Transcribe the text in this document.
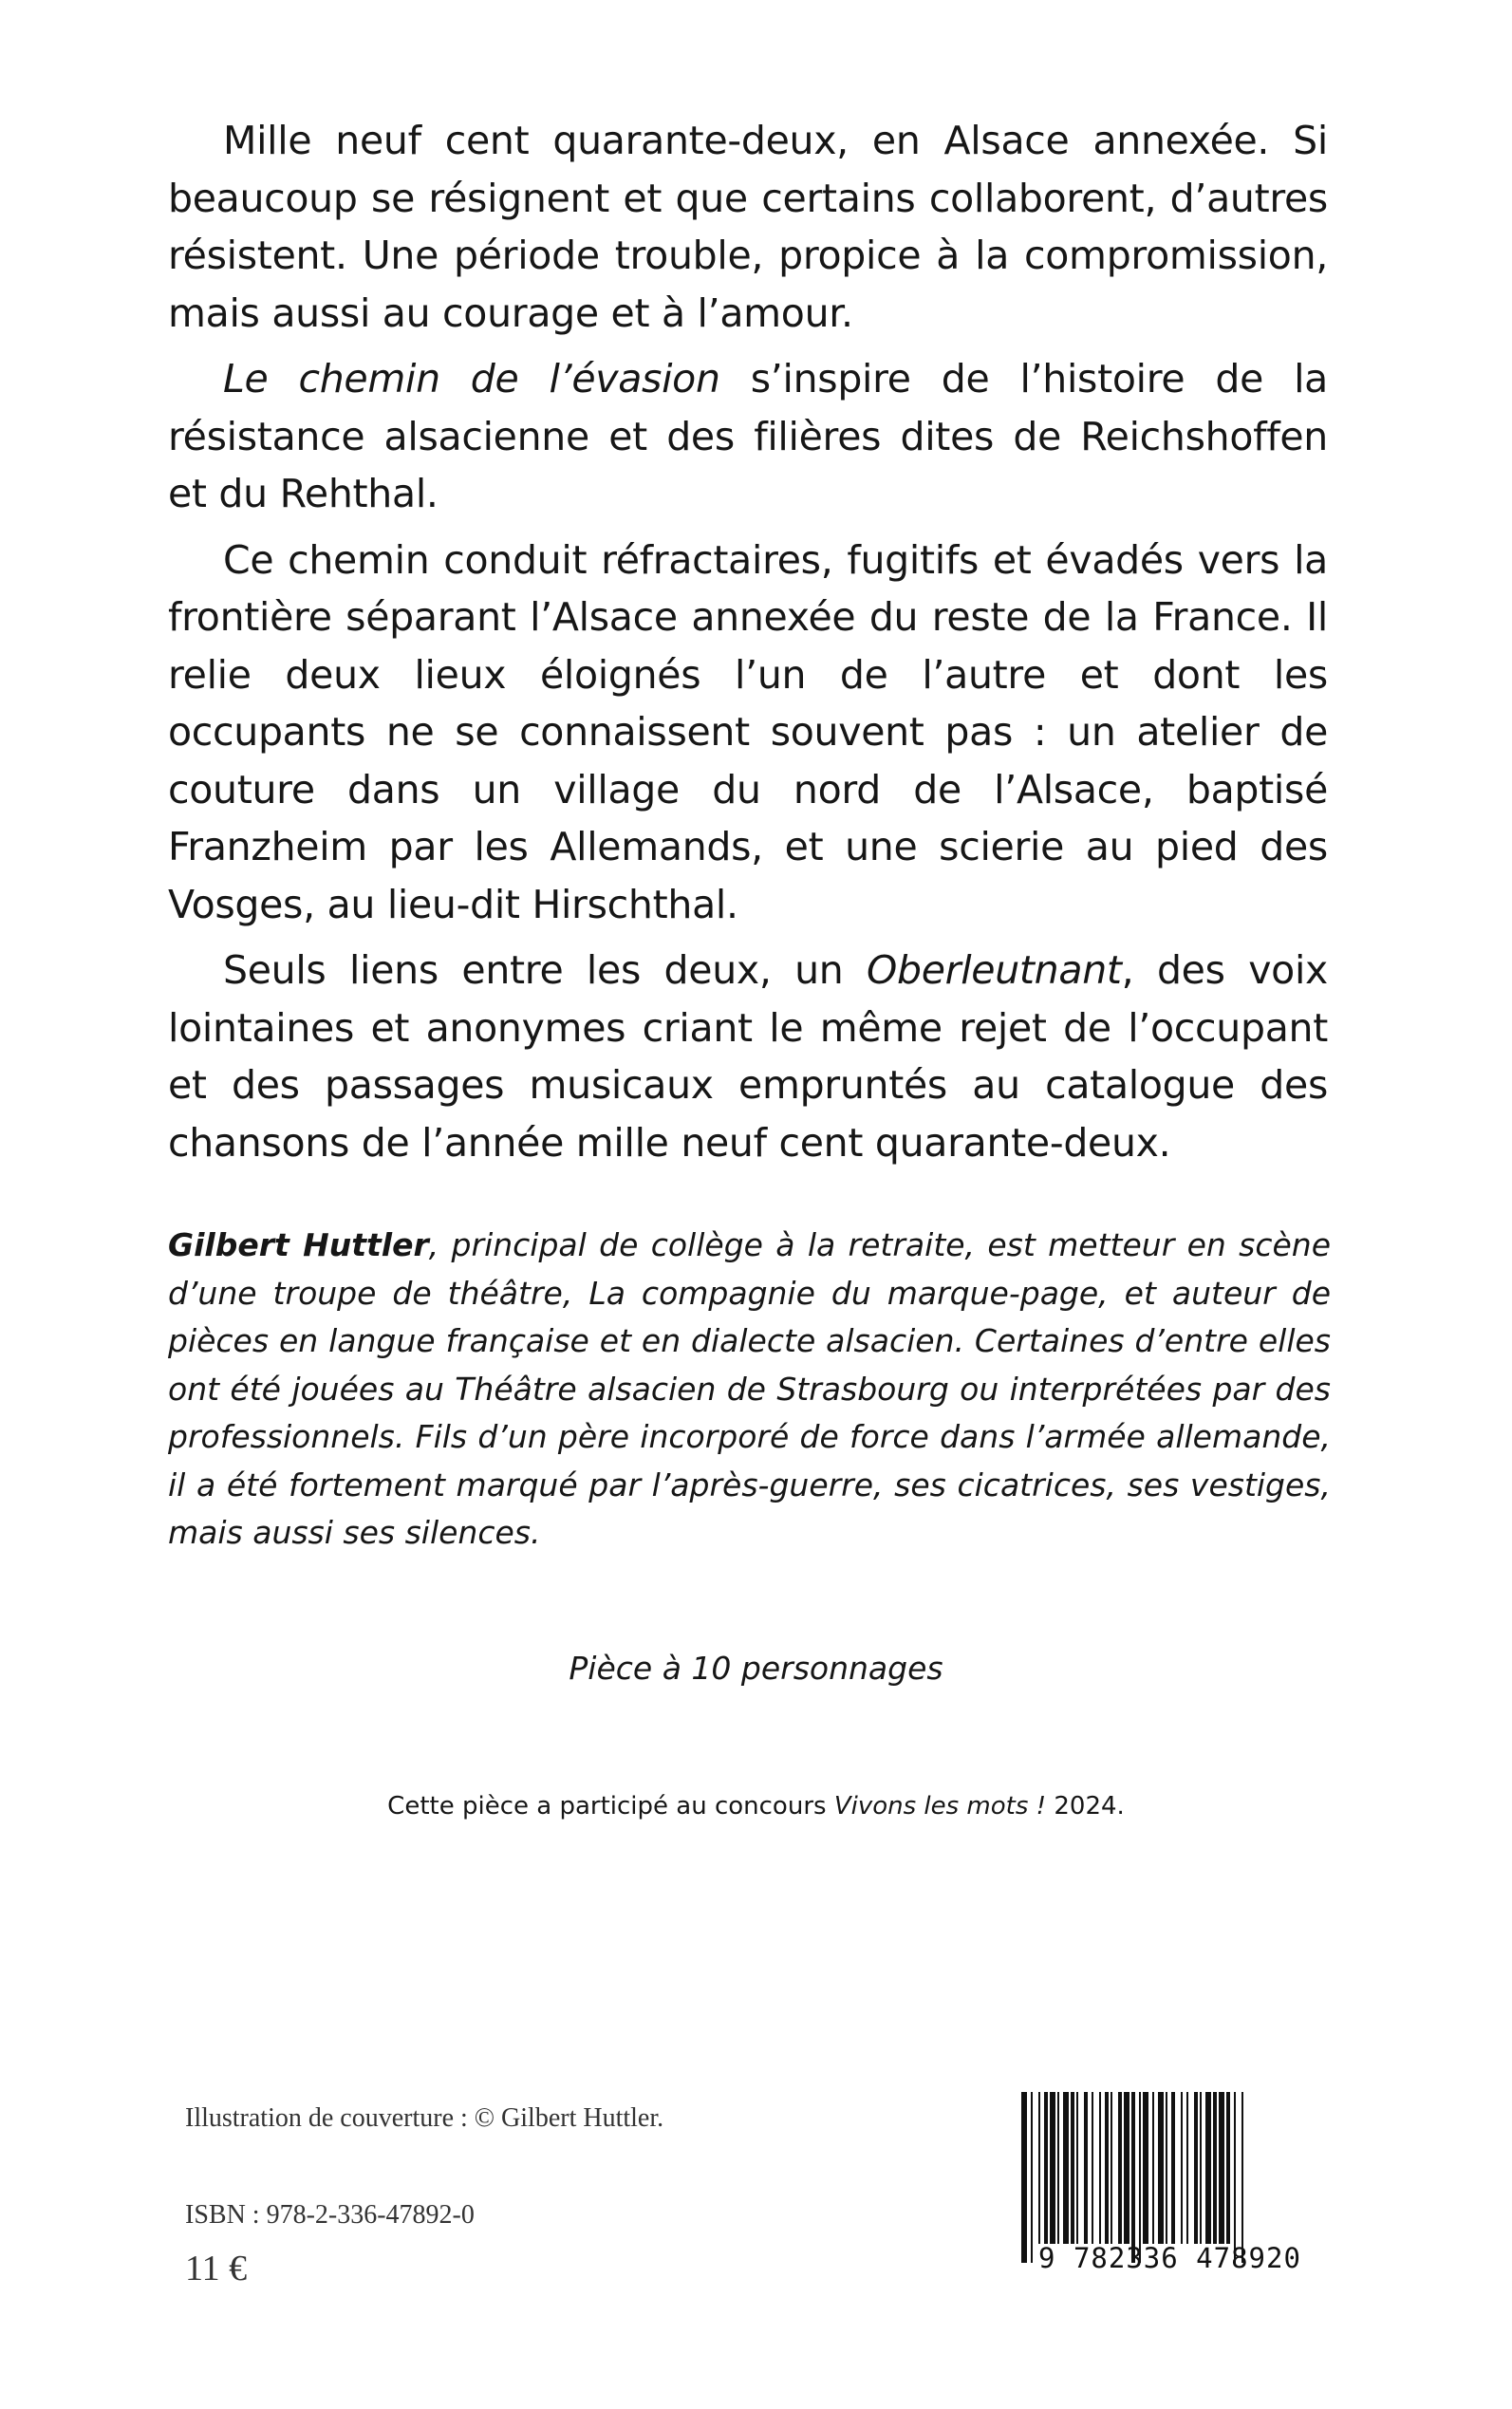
Mille neuf cent quarante-deux, en Alsace annexée. Si beaucoup se résignent et que certains collaborent, d’autres résistent. Une période trouble, propice à la compromission, mais aussi au courage et à l’amour.

Le chemin de l’évasion s’inspire de l’histoire de la résistance alsacienne et des filières dites de Reichshoffen et du Rehthal.

Ce chemin conduit réfractaires, fugitifs et évadés vers la frontière séparant l’Alsace annexée du reste de la France. Il relie deux lieux éloignés l’un de l’autre et dont les occupants ne se connaissent souvent pas : un atelier de couture dans un village du nord de l’Alsace, baptisé Franzheim par les Allemands, et une scierie au pied des Vosges, au lieu-dit Hirschthal.

Seuls liens entre les deux, un Oberleutnant, des voix lointaines et anonymes criant le même rejet de l’occupant et des passages musicaux empruntés au catalogue des chansons de l’année mille neuf cent quarante-deux.

Gilbert Huttler, principal de collège à la retraite, est metteur en scène d’une troupe de théâtre, La compagnie du marque-page, et auteur de pièces en langue française et en dialecte alsacien. Certaines d’entre elles ont été jouées au Théâtre alsacien de Strasbourg ou interprétées par des professionnels. Fils d’un père incorporé de force dans l’armée allemande, il a été fortement marqué par l’après-guerre, ses cicatrices, ses vestiges, mais aussi ses silences.

Pièce à 10 personnages
Cette pièce a participé au concours Vivons les mots ! 2024.
Illustration de couverture : © Gilbert Huttler.
ISBN : 978-2-336-47892-0
11 €	9 782336 478920
